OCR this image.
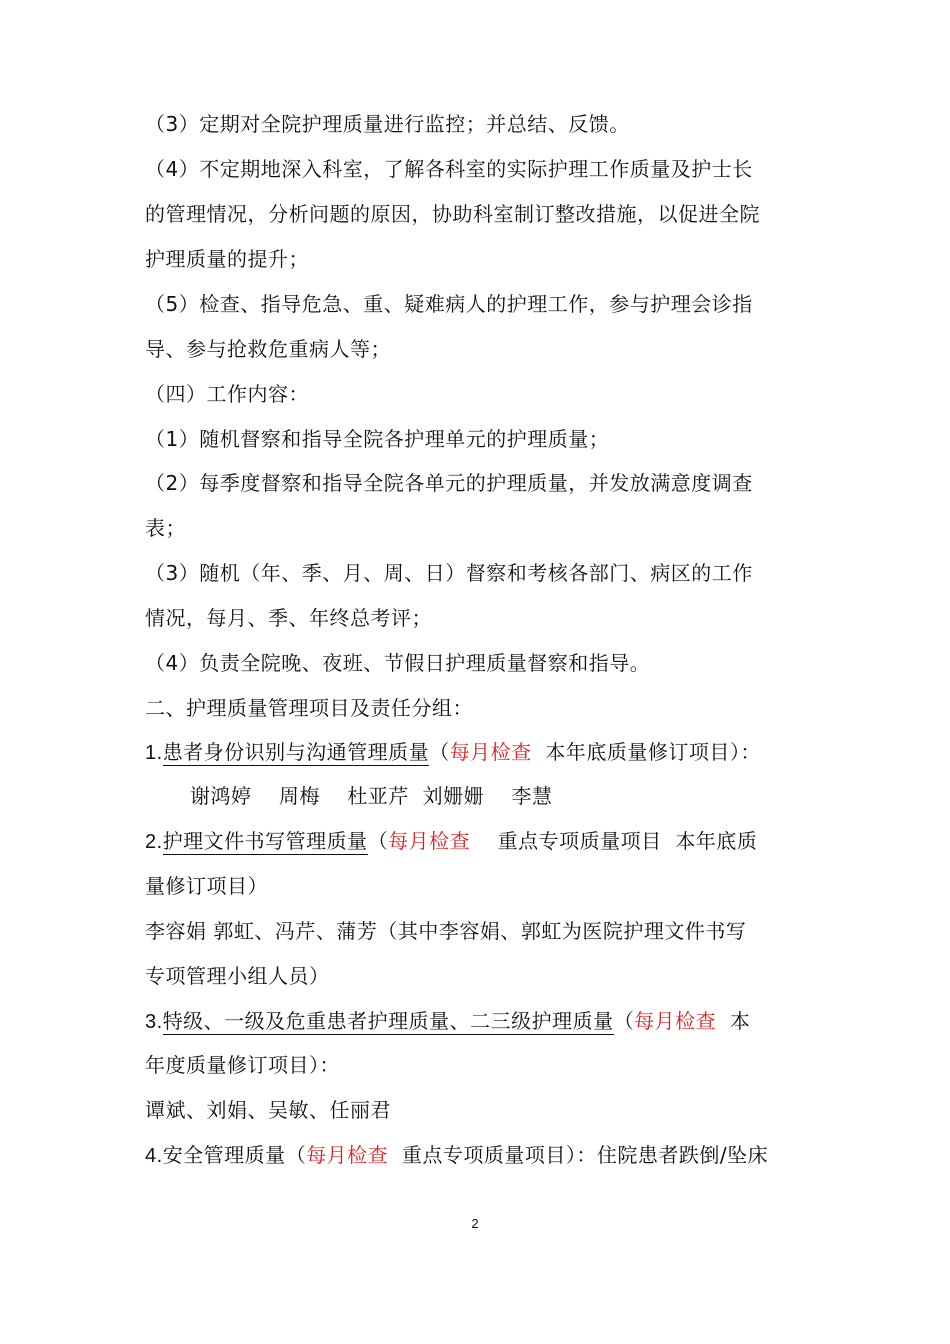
（3）定期对全院护理质量进行监控；并总结、反馈。
（4）不定期地深入科室，了解各科室的实际护理工作质量及护士长
的管理情况，分析问题的原因，协助科室制订整改措施，以促进全院
护理质量的提升；
（5）检查、指导危急、重、疑难病人的护理工作，参与护理会诊指
导、参与抢救危重病人等；
（四）工作内容：
（1）随机督察和指导全院各护理单元的护理质量；
（2）每季度督察和指导全院各单元的护理质量，并发放满意度调查
表；
（3）随机（年、季、月、周、日）督察和考核各部门、病区的工作
情况，每月、季、年终总考评；
（4）负责全院晚、夜班、节假日护理质量督察和指导。
二、护理质量管理项目及责任分组：
1.患者身份识别与沟通管理质量（每月检查  本年底质量修订项目）：
谢鸿婷    周梅    杜亚芹  刘姗姗    李慧
2.护理文件书写管理质量（每月检查    重点专项质量项目  本年底质
量修订项目）
李容娟 郭虹、冯芹、蒲芳（其中李容娟、郭虹为医院护理文件书写
专项管理小组人员）
3.特级、一级及危重患者护理质量、二三级护理质量（每月检查  本
年度质量修订项目）：
谭斌、刘娟、吴敏、任丽君
4.安全管理质量（每月检查  重点专项质量项目）：住院患者跌倒/坠床
2
